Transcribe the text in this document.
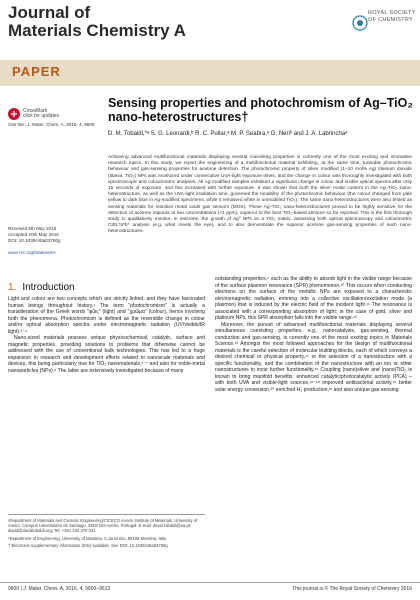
Journal of
Materials Chemistry A
ROYAL SOCIETY OF CHEMISTRY
PAPER
CrossMark
click for updates
Cite this: J. Mater. Chem. A, 2016, 4, 9600
Received 5th May 2016
Accepted 20th May 2016
DOI: 10.1039/c6ta03760g
www.rsc.org/MaterialsA
Sensing properties and photochromism of Ag–TiO₂ nano-heterostructures†
D. M. Tobaldi,*ᵃ S. G. Leonardi,ᵇ R. C. Pullar,ᵃ M. P. Seabra,ᵃ G. Neriᵇ and J. A. Labrinchaᵃ
Achieving advanced multifunctional materials displaying several coexisting properties is currently one of the most exciting and innovative research topics. In this study, we report the engineering of a multifunctional material exhibiting, at the same time, tuneable photochromic behaviour and gas-sensing properties for acetone detection. The photochromic property of silver modified (1–10 mol% Ag) titanium dioxide (titania, TiO₂) NPs was monitored under consecutive UVA-light exposure times, and the change in colour was thoroughly investigated with both spectroscopic and colourimetric analyses. All Ag modified samples exhibited a significant change in colour and visible optical spectra after only 15 seconds of exposure, and this increased with further exposure. It was shown that both the silver molar content in the Ag–TiO₂ nano-heterostructure, as well as the UVA-light irradiation time, governed the tunability of the photochromic behaviour (the colour changed from pale yellow to dark blue in Ag-modified specimens, while it remained white in unmodified TiO₂). The same nano-heterostructures were also tested as sensing materials for resistive metal oxide gas sensors (MOS). These Ag–TiO₂ nano-heterostructures proved to be highly sensitive for the detection of acetone vapours at low concentrations (<1 ppm), superior to the best TiO₂-based sensors so far reported. This is the first thorough study to qualitatively monitor, in real-time, the growth of Ag⁰ NPs on a TiO₂ matrix, assessing both optical spectroscopy and colourimetric CIEL*a*b* analysis (e.g. what meets the eye), and to also demonstrate the superior acetone gas-sensing properties of such nano-heterostructures.
1. Introduction

Light and colour are two concepts which are strictly linked, and they have fascinated human beings throughout history.¹ The term "photochromism" is actually a transliteration of the Greek words "φῶς" (light) and "χρῶμα" (colour), hence involving both the phenomena. Photochromism is defined as the reversible change in colour and/or optical absorption spectra under electromagnetic radiation (UV/visible/IR light).²⁻⁴

Nano-sized materials possess unique physicochemical, catalytic, surface and magnetic properties, providing solutions to problems that otherwise cannot be addressed with the use of conventional bulk technologies. This has led to a huge expansion in research and development efforts related to nanoscale materials and devices, this being particularly true for TiO₂ nanomaterials,⁵⁻⁷ and also for noble-metal nanoparticles (NPs).⁸ The latter are extensively investigated because of many

outstanding properties,⁹ such as the ability to absorb light in the visible range because of the surface plasmon resonance (SPR) phenomenon.¹⁰ This occurs when conducting electrons on the surface of the metallic NPs are exposed to a characteristic electromagnetic radiation, entering into a collective oscillation/excitation mode (a plasmon) that is induced by the electric field of the incident light.¹¹ The resonance is associated with a corresponding absorption of light; in the case of gold, silver and platinum NPs, this SPR absorption falls into the visible range.¹²

Moreover, the pursuit of advanced multifunctional materials displaying several simultaneous coexisting properties, e.g., nanocatalysis, gas-sensing, thermal conduction and gas-sensing, is currently one of the most exciting topics in Materials Science.¹³ Amongst the most followed approaches for the design of multifunctional materials is the careful selection of molecular building blocks, each of which conveys a desired chemical or physical property,¹⁴ or the selection of a nanostructure with a specific functionality, and the combination of the nanostructure with an ion or other nanostructures to incur further functionality.¹⁵ Coupling (nano)silver and (nano)TiO₂ is known to bring manifold benefits: enhanced catalytic/photocatalytic activity (PCA) – with both UVA and visible-light sources,¹⁶⁻¹⁸ improved antibacterial activity,¹⁹ better solar energy conversion,²⁰ enriched H₂ production,²¹ and also unique gas-sensing

ᵃDepartment of Materials and Ceramic Engineering/CICECO-Aveiro Institute of Materials, University of Aveiro, Campus Universitário de Santiago, 3810-193 Aveiro, Portugal. E-mail: david.tobaldi@ua.pt; david@davidtobaldi.org; Tel: +351 234 370 041

ᵇDepartment of Engineering, University of Messina, C.da Di Dio, 98166 Messina, Italy

† Electronic supplementary information (ESI) available. See DOI: 10.1039/c6ta03760g

9600 | J. Mater. Chem. A, 2016, 4, 9600–9613	This journal is © The Royal Society of Chemistry 2016
